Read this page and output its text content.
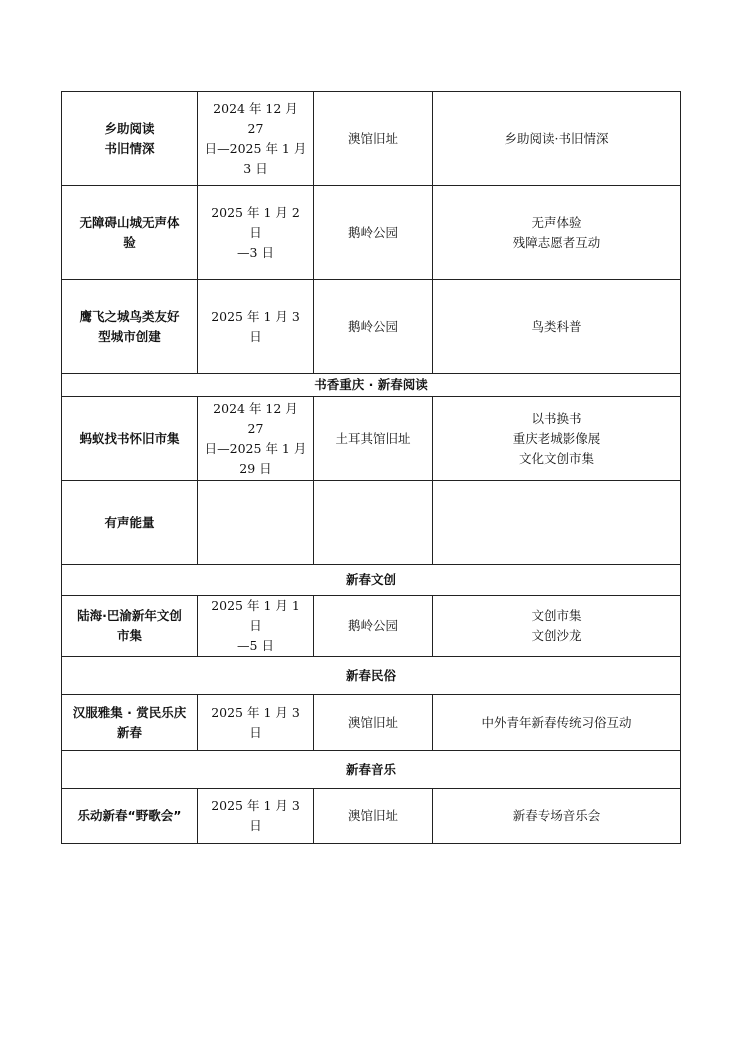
乡助阅读
书旧情深	2024 年 12 月 27
日—2025 年 1 月
3 日	澳馆旧址	乡助阅读·书旧情深

无障碍山城无声体
验	2025 年 1 月 2 日
—3 日	鹅岭公园	无声体验
残障志愿者互动

鹰飞之城鸟类友好
型城市创建	2025 年 1 月 3 日	鹅岭公园	鸟类科普

书香重庆 · 新春阅读			

蚂蚁找书怀旧市集	2024 年 12 月 27
日—2025 年 1 月
29 日	土耳其馆旧址	以书换书
重庆老城影像展
文化文创市集

有声能量			

新春文创			

陆海·巴渝新年文创
市集	2025 年 1 月 1 日
—5 日	鹅岭公园	文创市集
文创沙龙

新春民俗			

汉服雅集 · 赏民乐庆
新春	2025 年 1 月 3 日	澳馆旧址	中外青年新春传统习俗互动

新春音乐			

乐动新春“野歌会”	2025 年 1 月 3 日	澳馆旧址	新春专场音乐会
